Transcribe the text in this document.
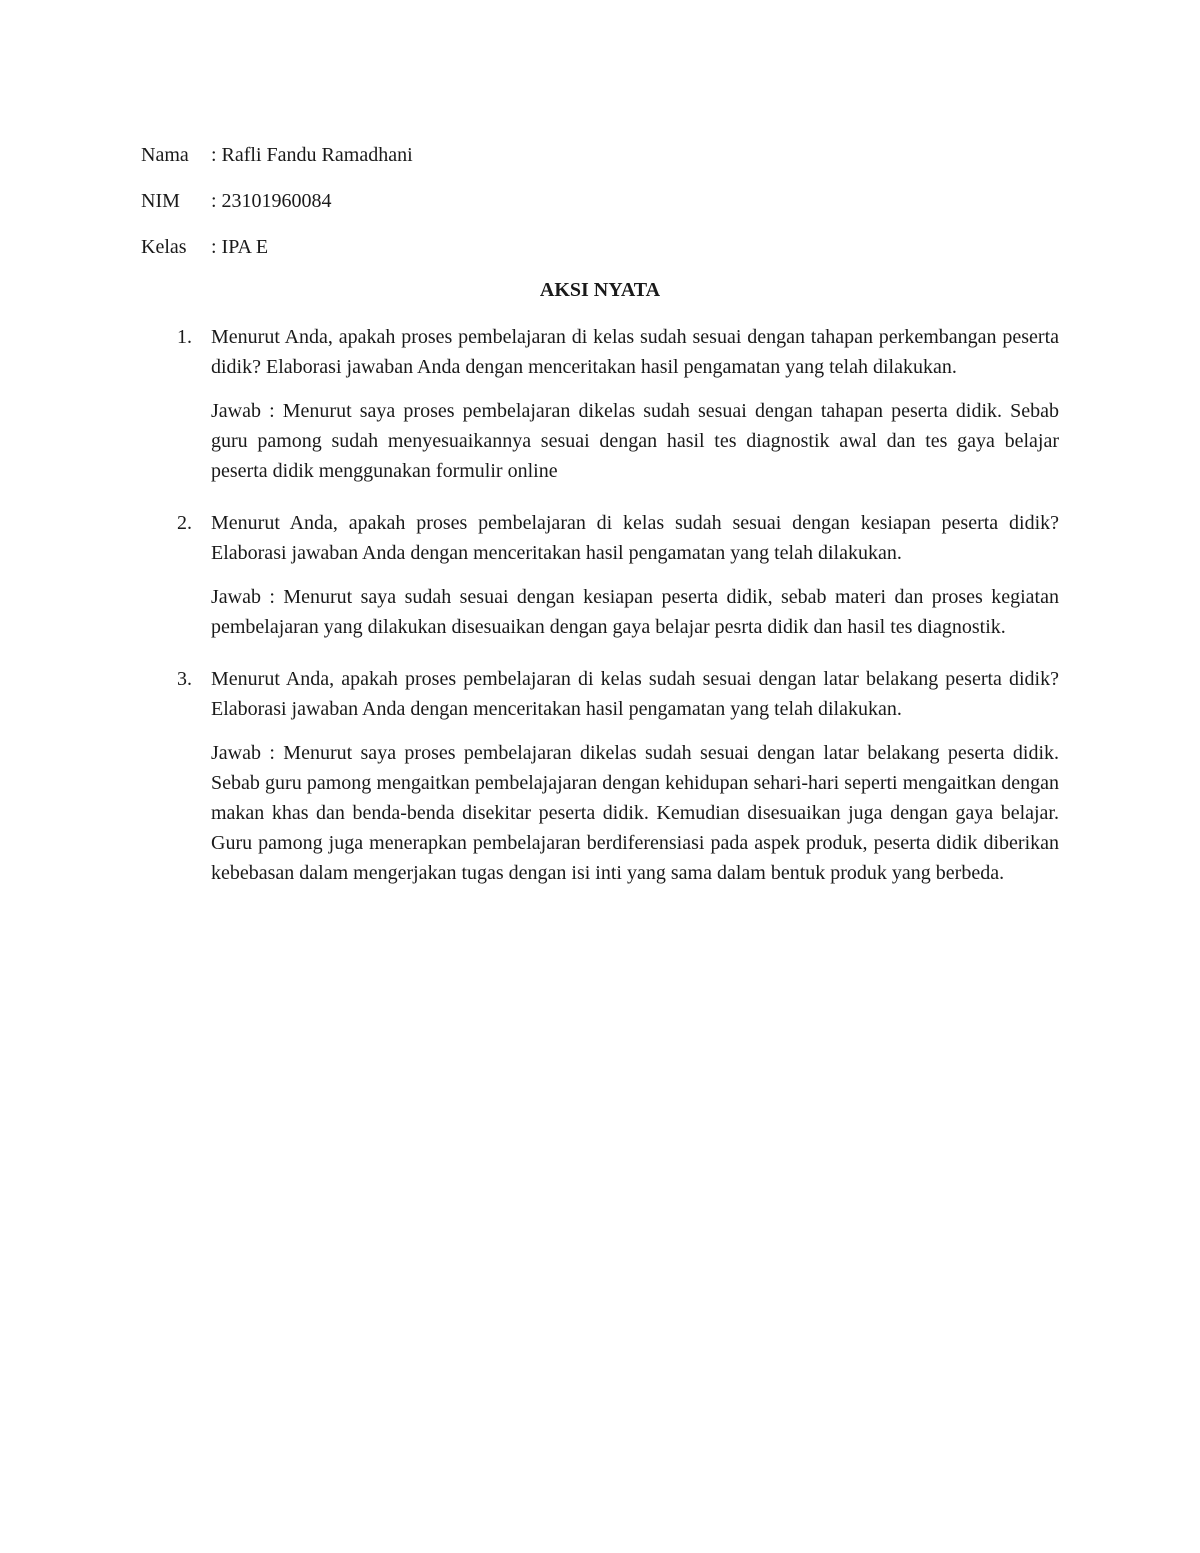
Nama	: Rafli Fandu Ramadhani
NIM	: 23101960084
Kelas	: IPA E
AKSI NYATA
1. Menurut Anda, apakah proses pembelajaran di kelas sudah sesuai dengan tahapan perkembangan peserta didik? Elaborasi jawaban Anda dengan menceritakan hasil pengamatan yang telah dilakukan.

Jawab : Menurut saya proses pembelajaran dikelas sudah sesuai dengan tahapan peserta didik. Sebab guru pamong sudah menyesuaikannya sesuai dengan hasil tes diagnostik awal dan tes gaya belajar peserta didik menggunakan formulir online

2. Menurut Anda, apakah proses pembelajaran di kelas sudah sesuai dengan kesiapan peserta didik? Elaborasi jawaban Anda dengan menceritakan hasil pengamatan yang telah dilakukan.

Jawab : Menurut saya sudah sesuai dengan kesiapan peserta didik, sebab materi dan proses kegiatan pembelajaran yang dilakukan disesuaikan dengan gaya belajar pesrta didik dan hasil tes diagnostik.

3. Menurut Anda, apakah proses pembelajaran di kelas sudah sesuai dengan latar belakang peserta didik? Elaborasi jawaban Anda dengan menceritakan hasil pengamatan yang telah dilakukan.

Jawab : Menurut saya proses pembelajaran dikelas sudah sesuai dengan latar belakang peserta didik. Sebab guru pamong mengaitkan pembelajajaran dengan kehidupan sehari-hari seperti mengaitkan dengan makan khas dan benda-benda disekitar peserta didik. Kemudian disesuaikan juga dengan gaya belajar. Guru pamong juga menerapkan pembelajaran berdiferensiasi pada aspek produk, peserta didik diberikan kebebasan dalam mengerjakan tugas dengan isi inti yang sama dalam bentuk produk yang berbeda.
